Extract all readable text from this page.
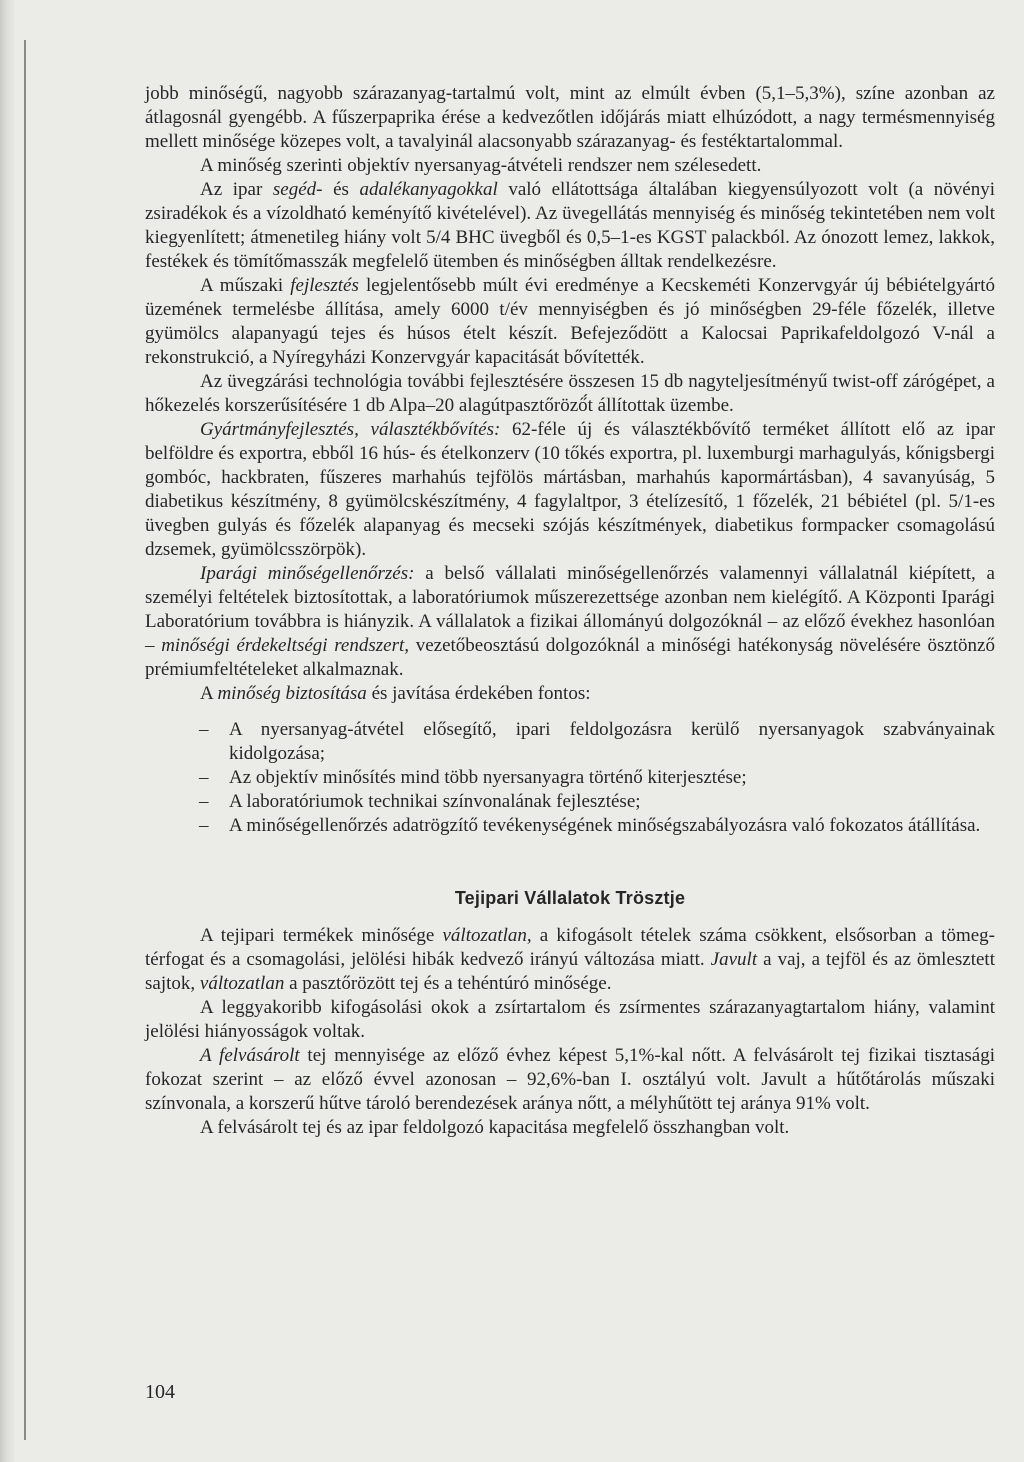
jobb minőségű, nagyobb szárazanyag-tartalmú volt, mint az elmúlt évben (5,1–5,3%), színe azonban az átlagosnál gyengébb. A fűszerpaprika érése a kedvezőtlen időjárás miatt elhúzódott, a nagy termésmennyiség mellett minősége közepes volt, a tavalyinál alacsonyabb szárazanyag- és festéktartalommal.

A minőség szerinti objektív nyersanyag-átvételi rendszer nem szélesedett.

Az ipar segéd- és adalékanyagokkal való ellátottsága általában kiegyensúlyozott volt (a növényi zsiradékok és a vízoldható keményítő kivételével). Az üvegellátás mennyiség és minőség tekintetében nem volt kiegyenlített; átmenetileg hiány volt 5/4 BHC üvegből és 0,5–1-es KGST palackból. Az ónozott lemez, lakkok, festékek és tömítőmasszák megfelelő ütemben és minőségben álltak rendelkezésre.

A műszaki fejlesztés legjelentősebb múlt évi eredménye a Kecskeméti Konzervgyár új bébiételgyártó üzemének termelésbe állítása, amely 6000 t/év mennyiségben és jó minőségben 29-féle főzelék, illetve gyümölcs alapanyagú tejes és húsos ételt készít. Befejeződött a Kalocsai Paprikafeldolgozó V-nál a rekonstrukció, a Nyíregyházi Konzervgyár kapacitását bővítették.

Az üvegzárási technológia további fejlesztésére összesen 15 db nagyteljesítményű twist-off zárógépet, a hőkezelés korszerűsítésére 1 db Alpa–20 alagútpasztőröző́t állítottak üzembe.

Gyártmányfejlesztés, választékbővítés: 62-féle új és választékbővítő terméket állított elő az ipar belföldre és exportra, ebből 16 hús- és ételkonzerv (10 tőkés exportra, pl. luxemburgi marhagulyás, kőnigsbergi gombóc, hackbraten, fűszeres marhahús tejfölös mártásban, marhahús kapormártásban), 4 savanyúság, 5 diabetikus készítmény, 8 gyümölcskészítmény, 4 fagylaltpor, 3 ételízesítő, 1 főzelék, 21 bébiétel (pl. 5/1-es üvegben gulyás és főzelék alapanyag és mecseki szójás készítmények, diabetikus formpacker csomagolású dzsemek, gyümölcsszörpök).

Iparági minőségellenőrzés: a belső vállalati minőségellenőrzés valamennyi vállalatnál kiépített, a személyi feltételek biztosítottak, a laboratóriumok műszerezettsége azonban nem kielégítő. A Központi Iparági Laboratórium továbbra is hiányzik. A vállalatok a fizikai állományú dolgozóknál – az előző évekhez hasonlóan – minőségi érdekeltségi rendszert, vezetőbeosztású dolgozóknál a minőségi hatékonyság növelésére ösztönző prémiumfeltételeket alkalmaznak.

A minőség biztosítása és javítása érdekében fontos:

– A nyersanyag-átvétel elősegítő, ipari feldolgozásra kerülő nyersanyagok szabványainak kidolgozása;
– Az objektív minősítés mind több nyersanyagra történő kiterjesztése;
– A laboratóriumok technikai színvonalának fejlesztése;
– A minőségellenőrzés adatrögzítő tevékenységének minőségszabályozásra való fokozatos átállítása.
Tejipari Vállalatok Trösztje

A tejipari termékek minősége változatlan, a kifogásolt tételek száma csökkent, elsősorban a tömeg-térfogat és a csomagolási, jelölési hibák kedvező irányú változása miatt. Javult a vaj, a tejföl és az ömlesztett sajtok, változatlan a pasztőrözött tej és a tehéntúró minősége.

A leggyakoribb kifogásolási okok a zsírtartalom és zsírmentes szárazanyagtartalom hiány, valamint jelölési hiányosságok voltak.

A felvásárolt tej mennyisége az előző évhez képest 5,1%-kal nőtt. A felvásárolt tej fizikai tisztasági fokozat szerint – az előző évvel azonosan – 92,6%-ban I. osztályú volt. Javult a hűtőtárolás műszaki színvonala, a korszerű hűtve tároló berendezések aránya nőtt, a mélyhűtött tej aránya 91% volt.

A felvásárolt tej és az ipar feldolgozó kapacitása megfelelő összhangban volt.

104
